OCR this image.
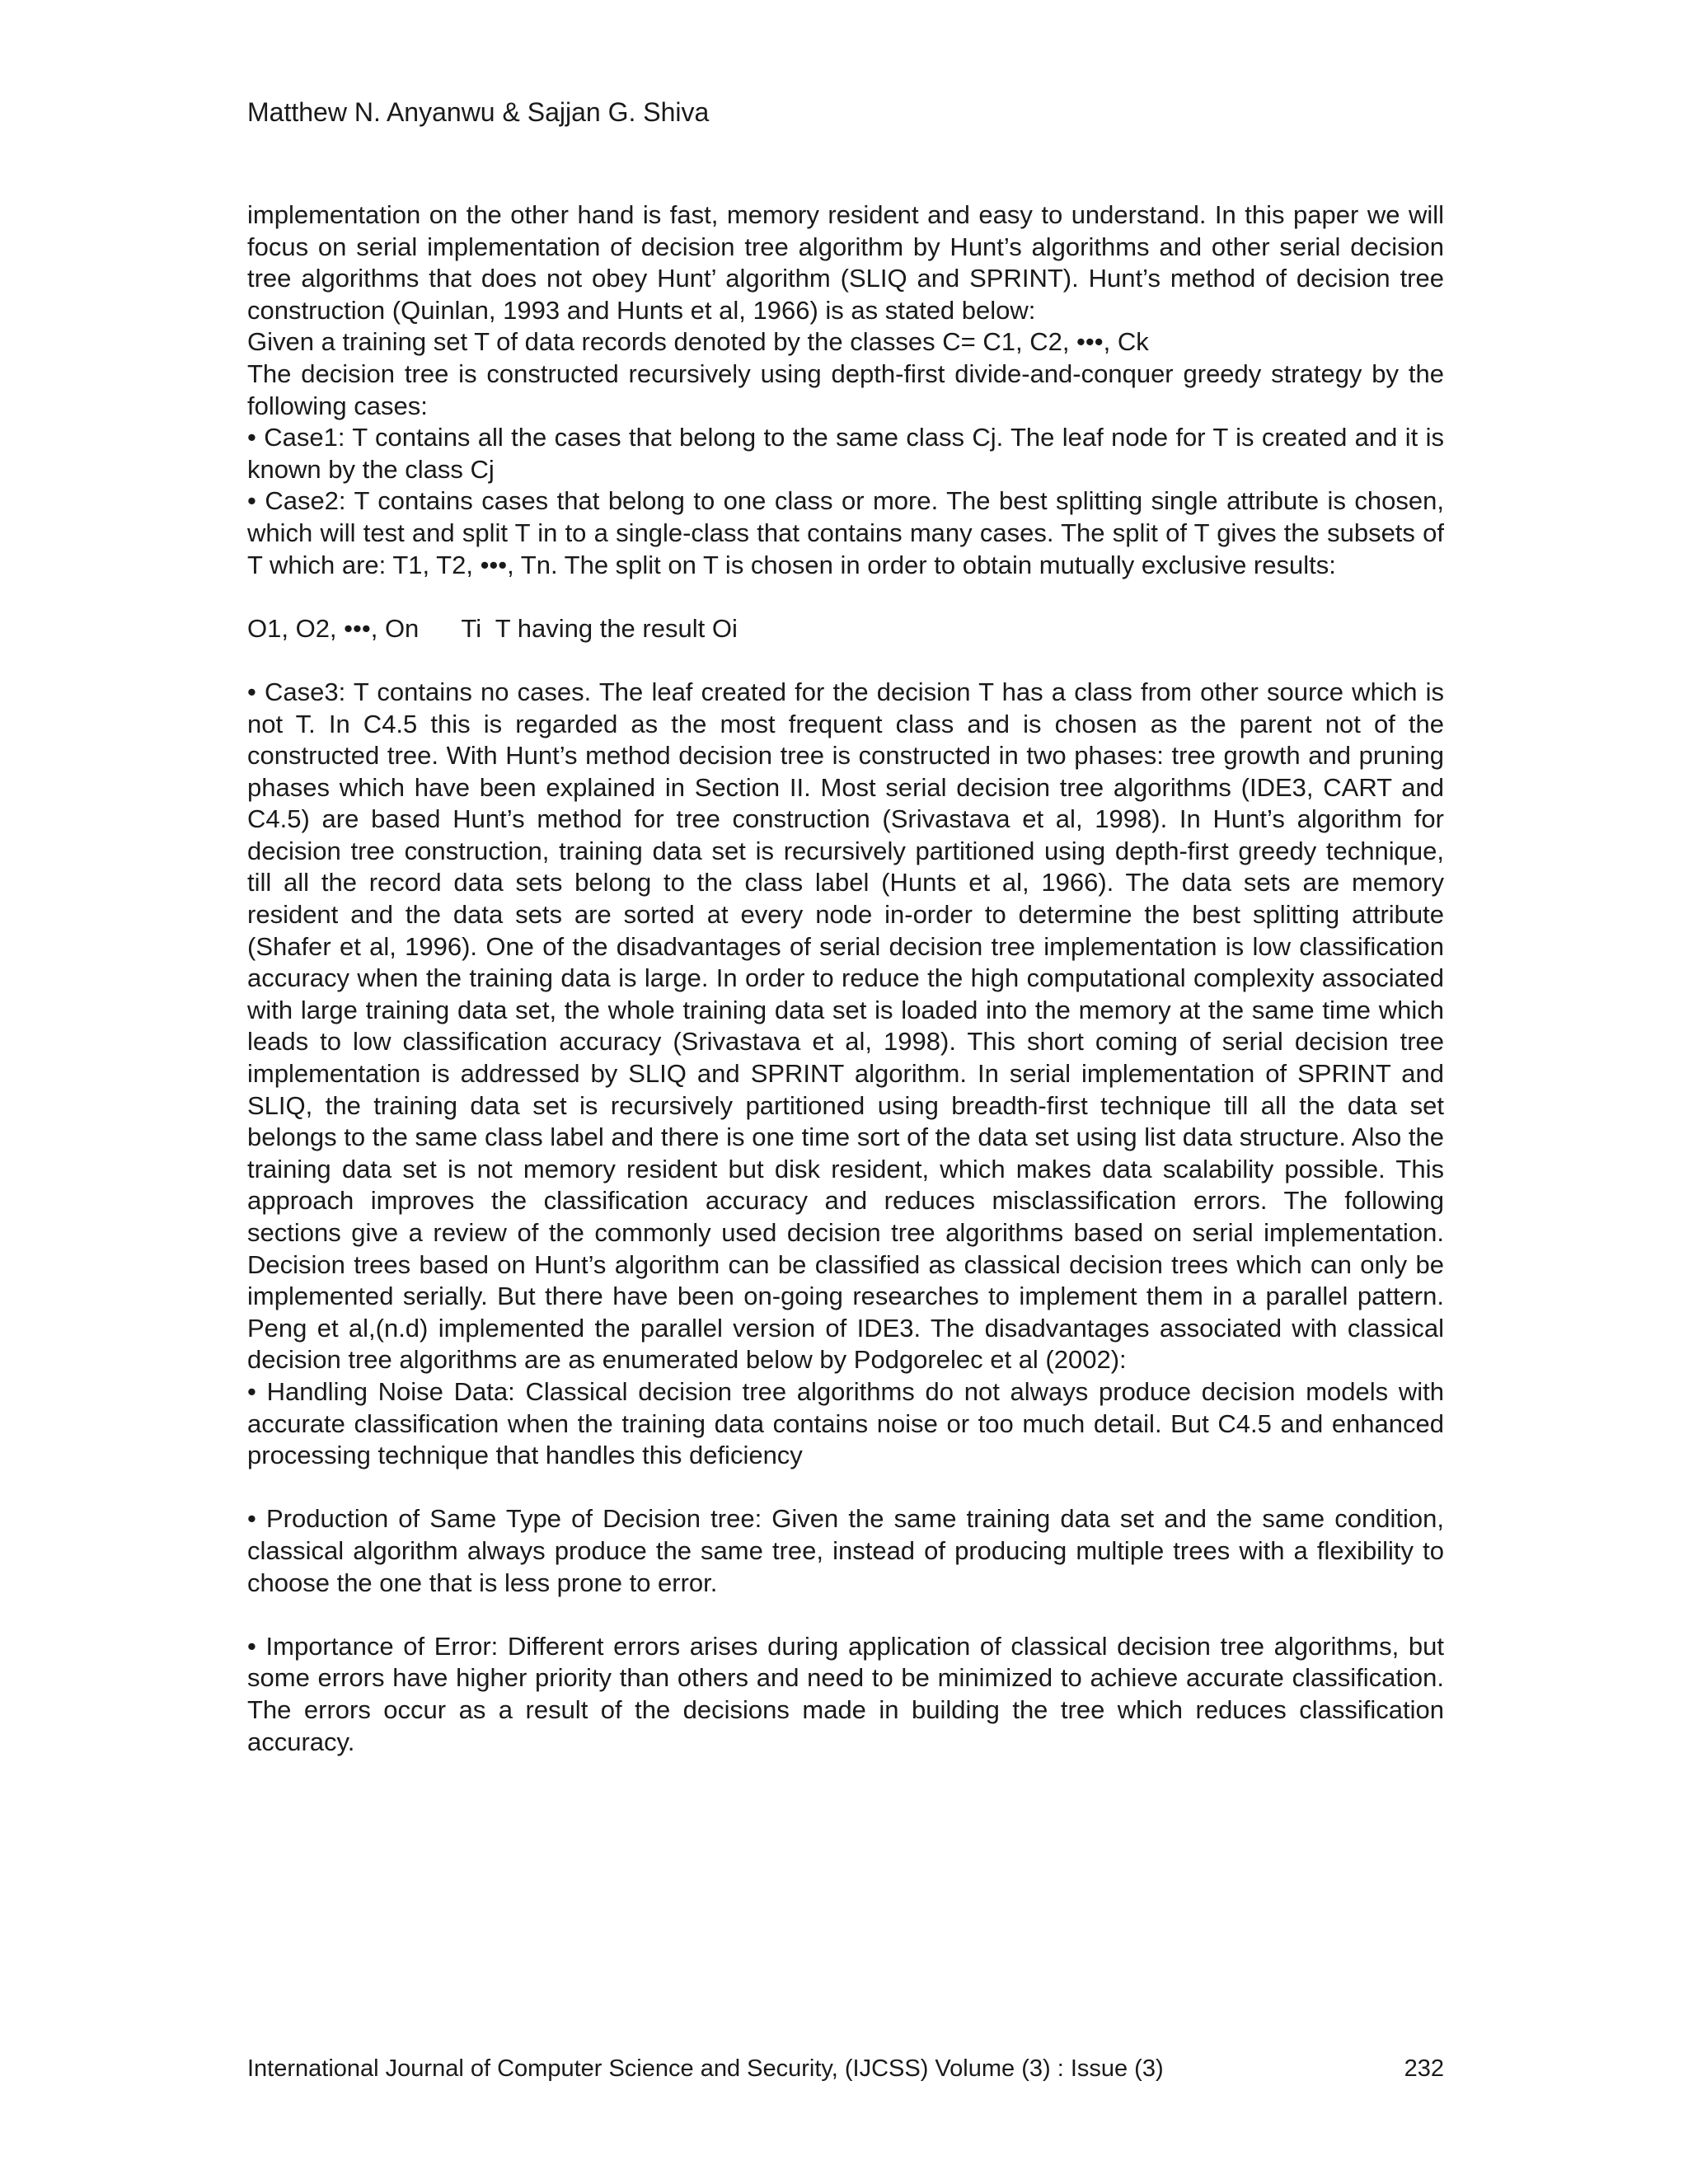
Matthew N. Anyanwu & Sajjan G. Shiva

implementation on the other hand is fast, memory resident and easy to understand. In this paper we will focus on serial implementation of decision tree algorithm by Hunt’s algorithms and other serial decision tree algorithms that does not obey Hunt’ algorithm (SLIQ and SPRINT). Hunt’s method of decision tree construction (Quinlan, 1993 and Hunts et al, 1966) is as stated below:

Given a training set T of data records denoted by the classes C= C1, C2, •••, Ck

The decision tree is constructed recursively using depth-first divide-and-conquer greedy strategy by the following cases:

• Case1: T contains all the cases that belong to the same class Cj. The leaf node for T is created and it is known by the class Cj

• Case2: T contains cases that belong to one class or more. The best splitting single attribute is chosen, which will test and split T in to a single-class that contains many cases. The split of T gives the subsets of T which are: T1, T2, •••, Tn. The split on T is chosen in order to obtain mutually exclusive results:

O1, O2, •••, On      Ti  T having the result Oi

• Case3: T contains no cases. The leaf created for the decision T has a class from other source which is not T. In C4.5 this is regarded as the most frequent class and is chosen as the parent not of the constructed tree. With Hunt’s method decision tree is constructed in two phases: tree growth and pruning phases which have been explained in Section II. Most serial decision tree algorithms (IDE3, CART and C4.5) are based Hunt’s method for tree construction (Srivastava et al, 1998). In Hunt’s algorithm for decision tree construction, training data set is recursively partitioned using depth-first greedy technique, till all the record data sets belong to the class label (Hunts et al, 1966). The data sets are memory resident and the data sets are sorted at every node in-order to determine the best splitting attribute (Shafer et al, 1996). One of the disadvantages of serial decision tree implementation is low classification accuracy when the training data is large. In order to reduce the high computational complexity associated with large training data set, the whole training data set is loaded into the memory at the same time which leads to low classification accuracy (Srivastava et al, 1998). This short coming of serial decision tree implementation is addressed by SLIQ and SPRINT algorithm. In serial implementation of SPRINT and SLIQ, the training data set is recursively partitioned using breadth-first technique till all the data set belongs to the same class label and there is one time sort of the data set using list data structure. Also the training data set is not memory resident but disk resident, which makes data scalability possible. This approach improves the classification accuracy and reduces misclassification errors. The following sections give a review of the commonly used decision tree algorithms based on serial implementation. Decision trees based on Hunt’s algorithm can be classified as classical decision trees which can only be implemented serially. But there have been on-going researches to implement them in a parallel pattern. Peng et al,(n.d) implemented the parallel version of IDE3. The disadvantages associated with classical decision tree algorithms are as enumerated below by Podgorelec et al (2002):

• Handling Noise Data: Classical decision tree algorithms do not always produce decision models with accurate classification when the training data contains noise or too much detail. But C4.5 and enhanced processing technique that handles this deficiency

• Production of Same Type of Decision tree: Given the same training data set and the same condition, classical algorithm always produce the same tree, instead of producing multiple trees with a flexibility to choose the one that is less prone to error.

• Importance of Error: Different errors arises during application of classical decision tree algorithms, but some errors have higher priority than others and need to be minimized to achieve accurate classification. The errors occur as a result of the decisions made in building the tree which reduces classification accuracy.

International Journal of Computer Science and Security, (IJCSS) Volume (3) : Issue (3)	232
